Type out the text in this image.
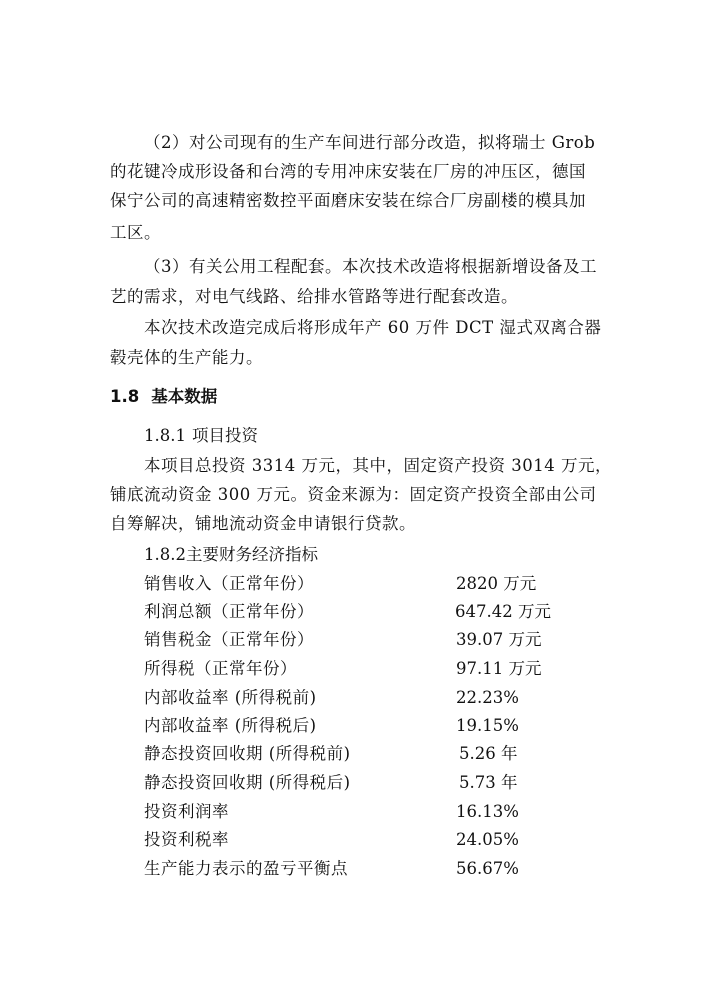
（2）对公司现有的生产车间进行部分改造，拟将瑞士 Grob
的花键冷成形设备和台湾的专用冲床安装在厂房的冲压区，德国
保宁公司的高速精密数控平面磨床安装在综合厂房副楼的模具加
工区。
（3）有关公用工程配套。本次技术改造将根据新增设备及工
艺的需求，对电气线路、给排水管路等进行配套改造。
本次技术改造完成后将形成年产 60 万件 DCT 湿式双离合器
毂壳体的生产能力。
1.8 基本数据
1.8.1 项目投资
本项目总投资 3314 万元，其中，固定资产投资 3014 万元，
铺底流动资金 300 万元。资金来源为：固定资产投资全部由公司
自筹解决，铺地流动资金申请银行贷款。
1.8.2主要财务经济指标
销售收入（正常年份）	2820 万元
利润总额（正常年份）	647.42 万元
销售税金（正常年份）	39.07 万元
所得税（正常年份）	97.11 万元
内部收益率 (所得税前)	22.23%
内部收益率 (所得税后)	19.15%
静态投资回收期 (所得税前)	5.26 年
静态投资回收期 (所得税后)	5.73 年
投资利润率	16.13%
投资利税率	24.05%
生产能力表示的盈亏平衡点	56.67%
